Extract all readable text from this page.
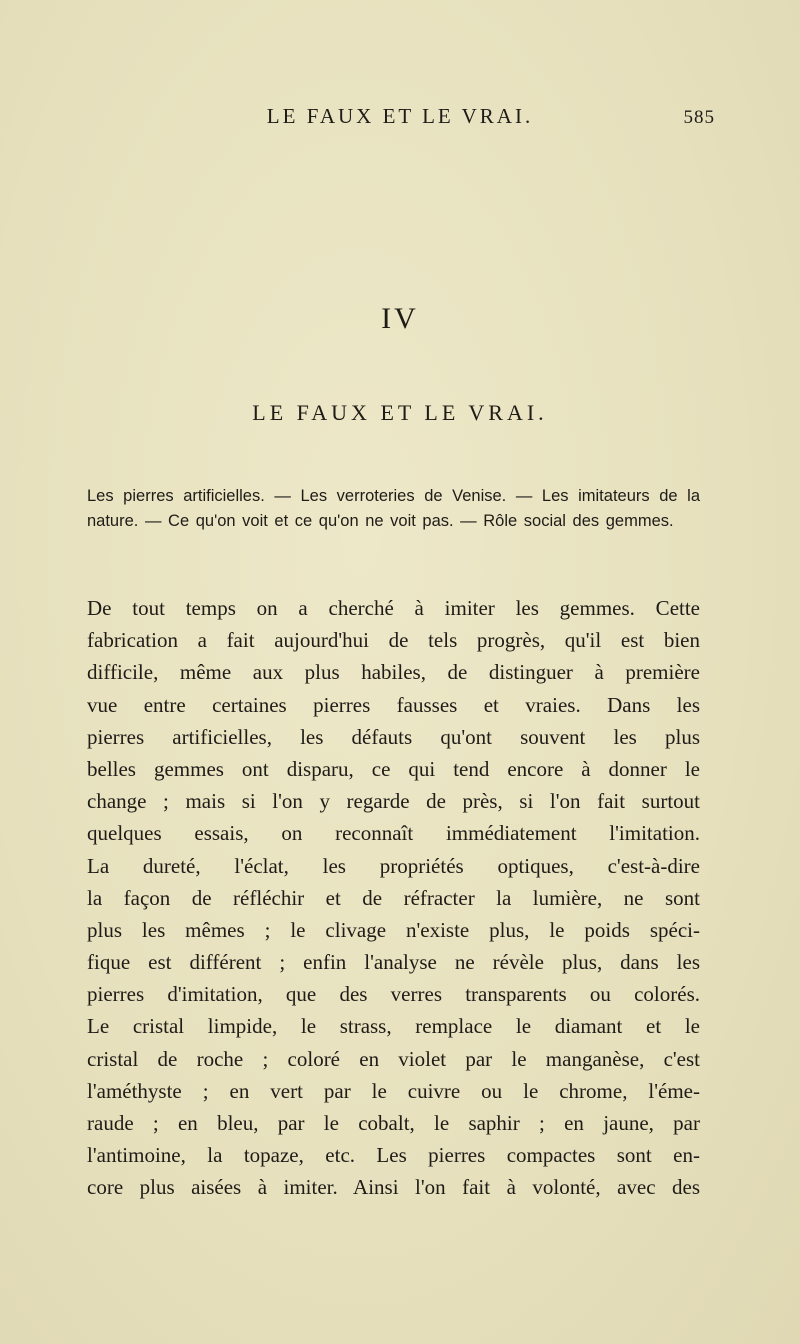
LE FAUX ET LE VRAI.	585
IV
LE FAUX ET LE VRAI.
Les pierres artificielles. — Les verroteries de Venise. — Les imitateurs de la nature. — Ce qu'on voit et ce qu'on ne voit pas. — Rôle social des gemmes.
De tout temps on a cherché à imiter les gemmes. Cette
fabrication a fait aujourd'hui de tels progrès, qu'il est bien
difficile, même aux plus habiles, de distinguer à première
vue entre certaines pierres fausses et vraies. Dans les
pierres artificielles, les défauts qu'ont souvent les plus
belles gemmes ont disparu, ce qui tend encore à donner le
change ; mais si l'on y regarde de près, si l'on fait surtout
quelques essais, on reconnaît immédiatement l'imitation.
La dureté, l'éclat, les propriétés optiques, c'est-à-dire
la façon de réfléchir et de réfracter la lumière, ne sont
plus les mêmes ; le clivage n'existe plus, le poids spéci-
fique est différent ; enfin l'analyse ne révèle plus, dans les
pierres d'imitation, que des verres transparents ou colorés.
Le cristal limpide, le strass, remplace le diamant et le
cristal de roche ; coloré en violet par le manganèse, c'est
l'améthyste ; en vert par le cuivre ou le chrome, l'éme-
raude ; en bleu, par le cobalt, le saphir ; en jaune, par
l'antimoine, la topaze, etc. Les pierres compactes sont en-
core plus aisées à imiter. Ainsi l'on fait à volonté, avec des
